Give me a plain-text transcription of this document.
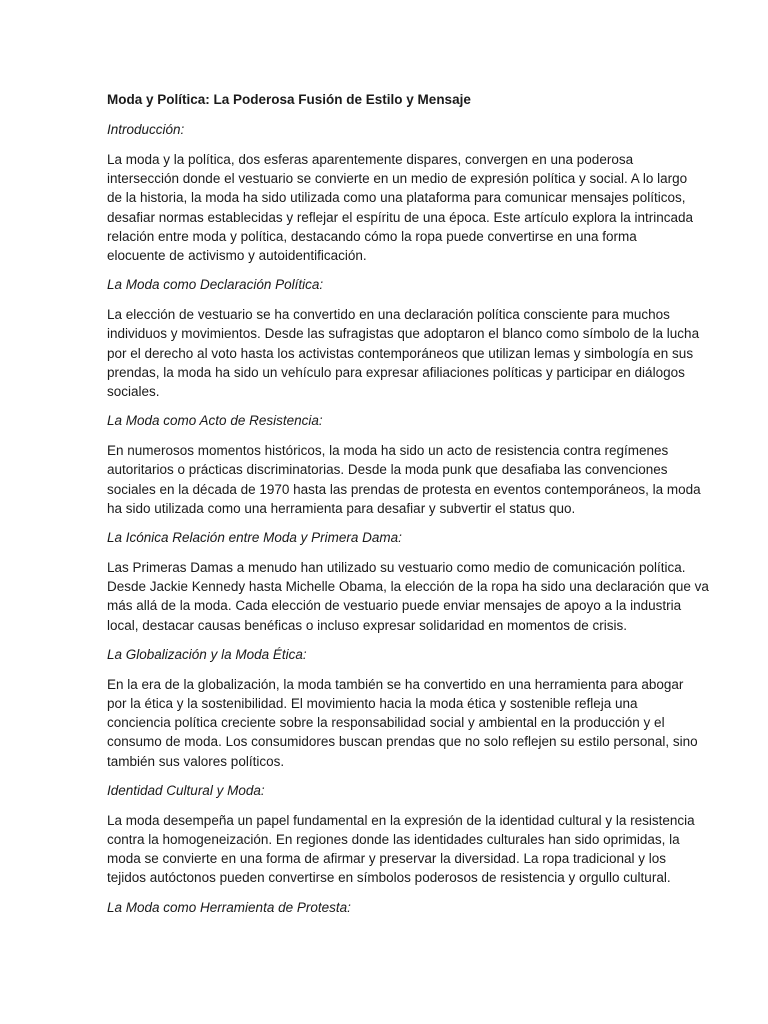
Moda y Política: La Poderosa Fusión de Estilo y Mensaje
Introducción:
La moda y la política, dos esferas aparentemente dispares, convergen en una poderosa
intersección donde el vestuario se convierte en un medio de expresión política y social. A lo largo
de la historia, la moda ha sido utilizada como una plataforma para comunicar mensajes políticos,
desafiar normas establecidas y reflejar el espíritu de una época. Este artículo explora la intrincada
relación entre moda y política, destacando cómo la ropa puede convertirse en una forma
elocuente de activismo y autoidentificación.
La Moda como Declaración Política:
La elección de vestuario se ha convertido en una declaración política consciente para muchos
individuos y movimientos. Desde las sufragistas que adoptaron el blanco como símbolo de la lucha
por el derecho al voto hasta los activistas contemporáneos que utilizan lemas y simbología en sus
prendas, la moda ha sido un vehículo para expresar afiliaciones políticas y participar en diálogos
sociales.
La Moda como Acto de Resistencia:
En numerosos momentos históricos, la moda ha sido un acto de resistencia contra regímenes
autoritarios o prácticas discriminatorias. Desde la moda punk que desafiaba las convenciones
sociales en la década de 1970 hasta las prendas de protesta en eventos contemporáneos, la moda
ha sido utilizada como una herramienta para desafiar y subvertir el status quo.
La Icónica Relación entre Moda y Primera Dama:
Las Primeras Damas a menudo han utilizado su vestuario como medio de comunicación política.
Desde Jackie Kennedy hasta Michelle Obama, la elección de la ropa ha sido una declaración que va
más allá de la moda. Cada elección de vestuario puede enviar mensajes de apoyo a la industria
local, destacar causas benéficas o incluso expresar solidaridad en momentos de crisis.
La Globalización y la Moda Ética:
En la era de la globalización, la moda también se ha convertido en una herramienta para abogar
por la ética y la sostenibilidad. El movimiento hacia la moda ética y sostenible refleja una
conciencia política creciente sobre la responsabilidad social y ambiental en la producción y el
consumo de moda. Los consumidores buscan prendas que no solo reflejen su estilo personal, sino
también sus valores políticos.
Identidad Cultural y Moda:
La moda desempeña un papel fundamental en la expresión de la identidad cultural y la resistencia
contra la homogeneización. En regiones donde las identidades culturales han sido oprimidas, la
moda se convierte en una forma de afirmar y preservar la diversidad. La ropa tradicional y los
tejidos autóctonos pueden convertirse en símbolos poderosos de resistencia y orgullo cultural.
La Moda como Herramienta de Protesta:
